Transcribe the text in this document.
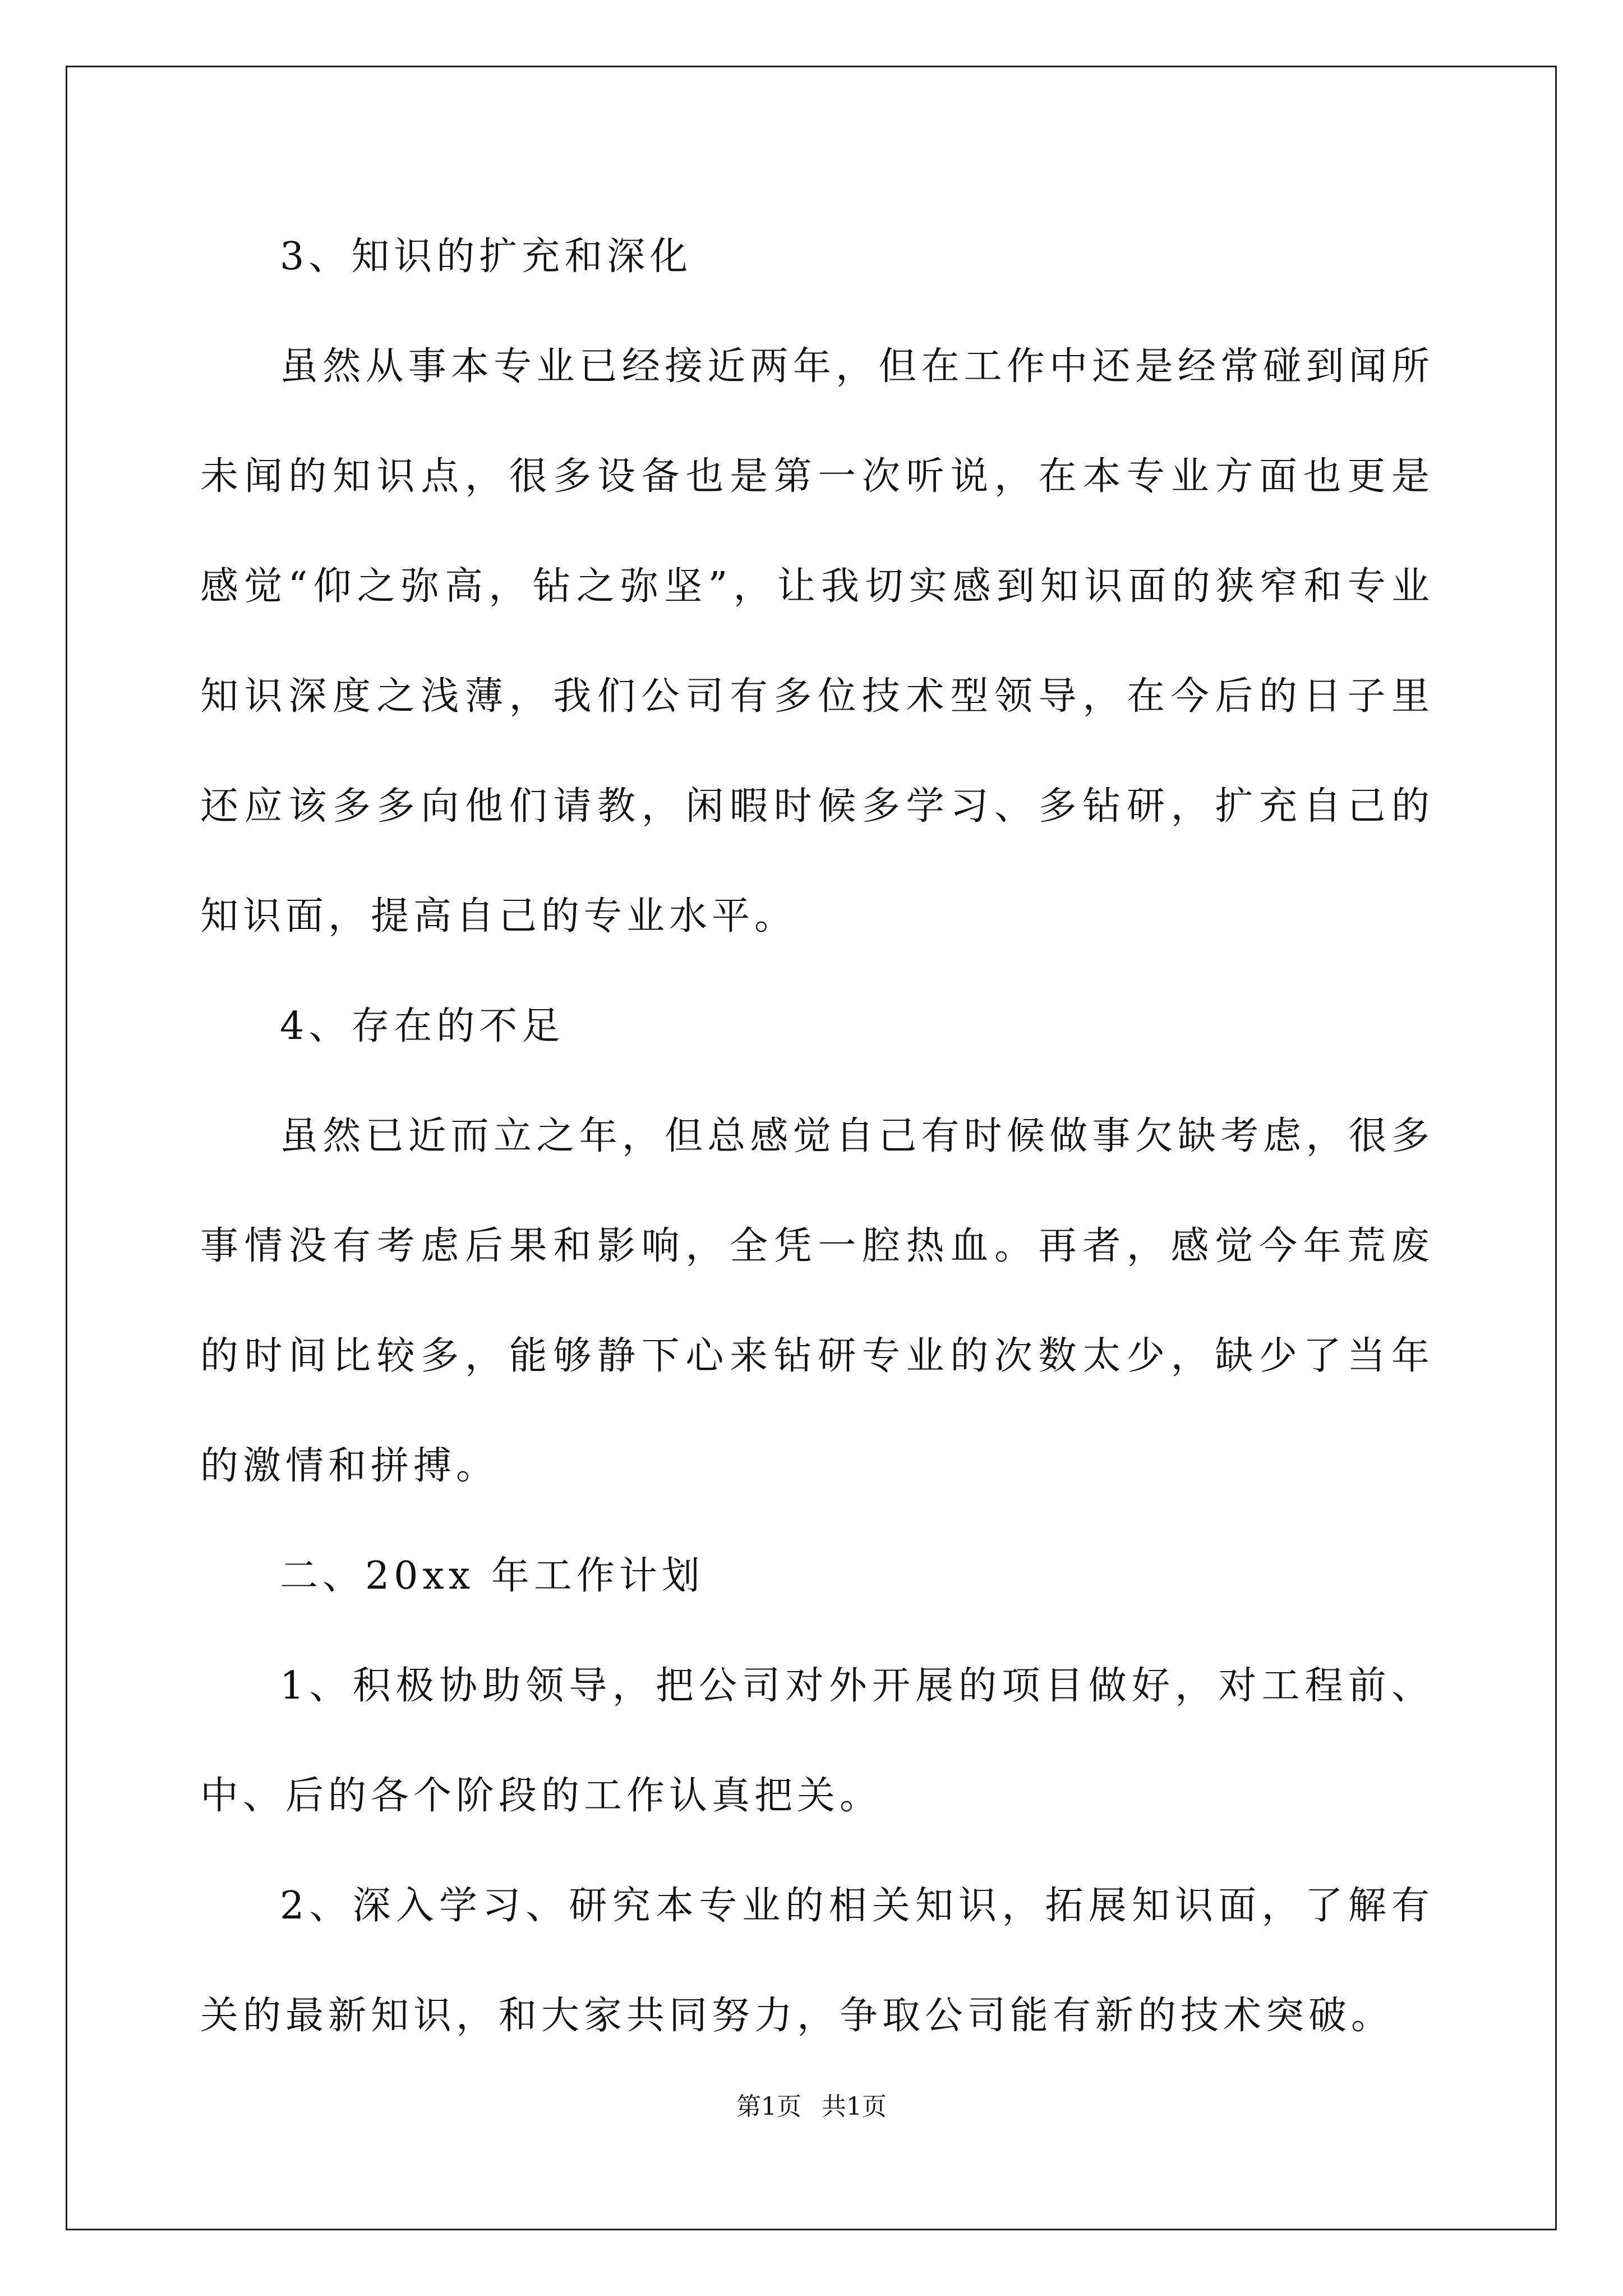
3、知识的扩充和深化

虽然从事本专业已经接近两年，但在工作中还是经常碰到闻所未闻的知识点，很多设备也是第一次听说，在本专业方面也更是感觉“仰之弥高，钻之弥坚”，让我切实感到知识面的狭窄和专业知识深度之浅薄，我们公司有多位技术型领导，在今后的日子里还应该多多向他们请教，闲暇时候多学习、多钻研，扩充自己的知识面，提高自己的专业水平。

4、存在的不足

虽然已近而立之年，但总感觉自己有时候做事欠缺考虑，很多事情没有考虑后果和影响，全凭一腔热血。再者，感觉今年荒废的时间比较多，能够静下心来钻研专业的次数太少，缺少了当年的激情和拼搏。

二、20xx 年工作计划

1、积极协助领导，把公司对外开展的项目做好，对工程前、中、后的各个阶段的工作认真把关。

2、深入学习、研究本专业的相关知识，拓展知识面，了解有关的最新知识，和大家共同努力，争取公司能有新的技术突破。

第1页 共1页
